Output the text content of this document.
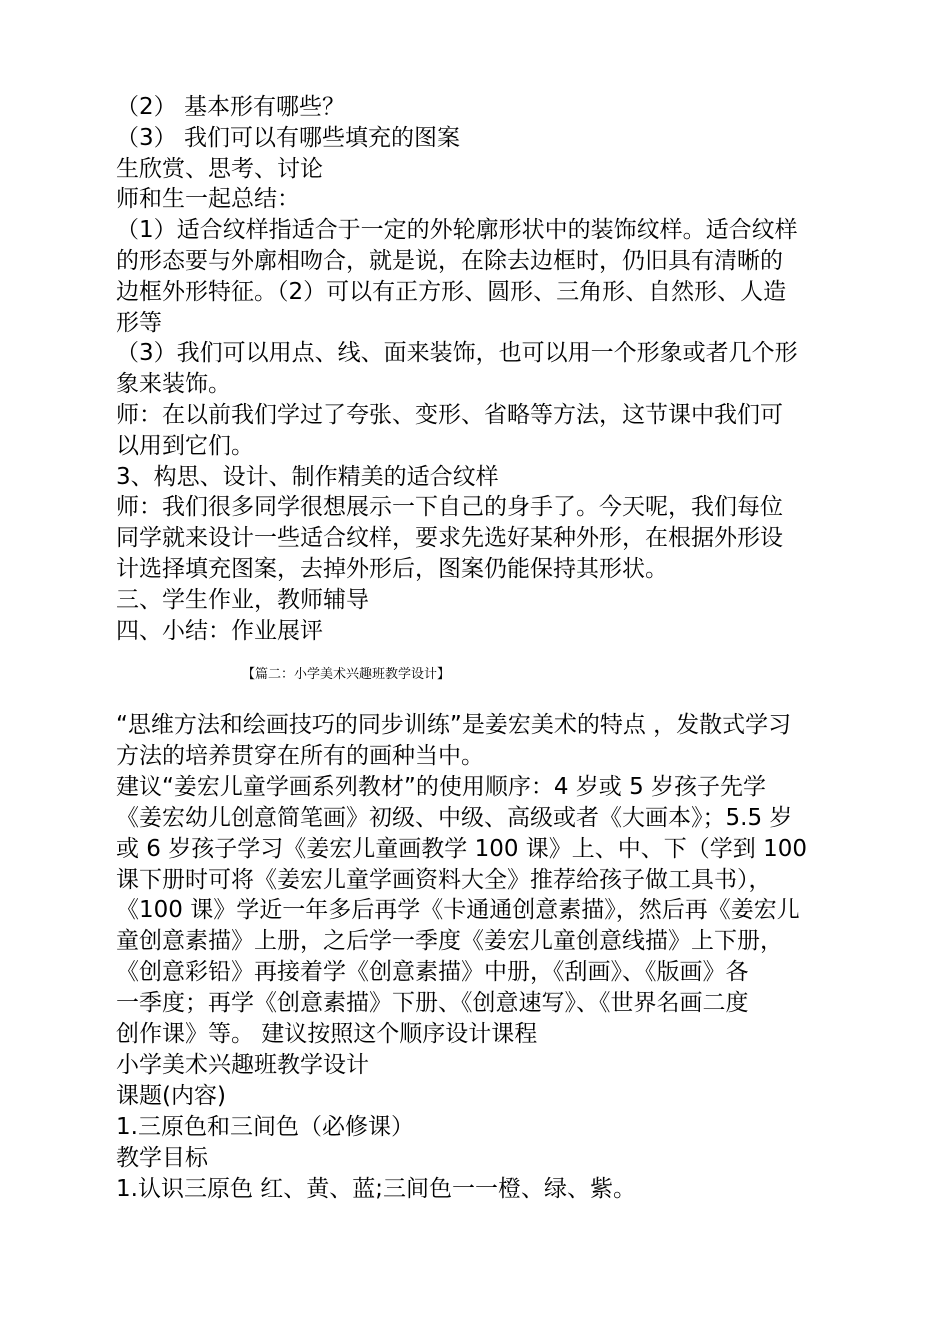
（2） 基本形有哪些？
（3） 我们可以有哪些填充的图案
生欣赏、思考、讨论
师和生一起总结：
（1）适合纹样指适合于一定的外轮廓形状中的装饰纹样。适合纹样
的形态要与外廓相吻合，就是说，在除去边框时，仍旧具有清晰的
边框外形特征。（2）可以有正方形、圆形、三角形、自然形、人造
形等
（3）我们可以用点、线、面来装饰，也可以用一个形象或者几个形
象来装饰。
师：在以前我们学过了夸张、变形、省略等方法，这节课中我们可
以用到它们。
3、构思、设计、制作精美的适合纹样
师：我们很多同学很想展示一下自己的身手了。今天呢，我们每位
同学就来设计一些适合纹样，要求先选好某种外形，在根据外形设
计选择填充图案，去掉外形后，图案仍能保持其形状。
三、学生作业，教师辅导
四、小结：作业展评
【篇二：小学美术兴趣班教学设计】
“思维方法和绘画技巧的同步训练”是姜宏美术的特点 ，发散式学习
方法的培养贯穿在所有的画种当中。
建议“姜宏儿童学画系列教材”的使用顺序：4 岁或 5 岁孩子先学
《姜宏幼儿创意简笔画》初级、中级、高级或者《大画本》；5.5 岁
或 6 岁孩子学习《姜宏儿童画教学 100 课》上、中、下（学到 100
课下册时可将《姜宏儿童学画资料大全》推荐给孩子做工具书），
《100 课》学近一年多后再学《卡通通创意素描》，然后再《姜宏儿
童创意素描》上册，之后学一季度《姜宏儿童创意线描》上下册，
《创意彩铅》再接着学《创意素描》中册，《刮画》、《版画》各
一季度；再学《创意素描》下册、《创意速写》、《世界名画二度
创作课》等。 建议按照这个顺序设计课程
小学美术兴趣班教学设计
课题(内容)
1.三原色和三间色（必修课）
教学目标
1.认识三原色 红、黄、蓝;三间色一一橙、绿、紫。
